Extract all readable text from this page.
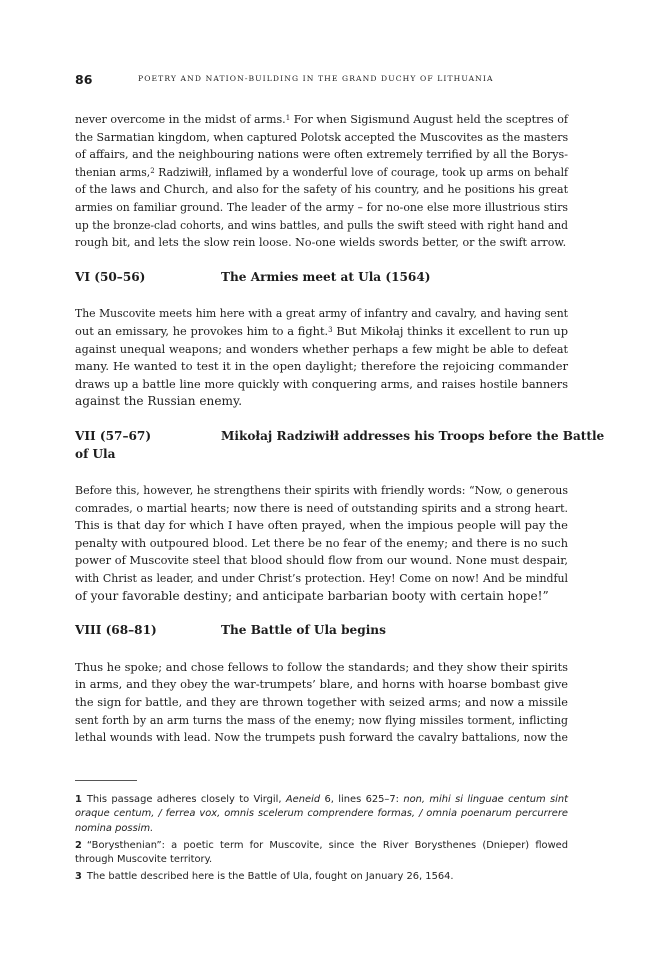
86	POETRY AND NATION-BUILDING IN THE GRAND DUCHY OF LITHUANIA

never overcome in the midst of arms.$^1$ For when Sigismund August held the sceptres of
the Sarmatian kingdom, when captured Polotsk accepted the Muscovites as the masters
of affairs, and the neighbouring nations were often extremely terrified by all the Borys-
thenian arms,$^2$ Radziwiłł, inflamed by a wonderful love of courage, took up arms on behalf
of the laws and Church, and also for the safety of his country, and he positions his great
armies on familiar ground. The leader of the army – for no-one else more illustrious stirs
up the bronze-clad cohorts, and wins battles, and pulls the swift steed with right hand and
rough bit, and lets the slow rein loose. No-one wields swords better, or the swift arrow.

VI (50–56)	The Armies meet at Ula (1564)

The Muscovite meets him here with a great army of infantry and cavalry, and having sent
out an emissary, he provokes him to a fight.$^3$ But Mikołaj thinks it excellent to run up
against unequal weapons; and wonders whether perhaps a few might be able to defeat
many. He wanted to test it in the open daylight; therefore the rejoicing commander
draws up a battle line more quickly with conquering arms, and raises hostile banners
against the Russian enemy.

VII (57–67)	Mikołaj Radziwiłł addresses his Troops before the Battle
of Ula

Before this, however, he strengthens their spirits with friendly words: “Now, o generous
comrades, o martial hearts; now there is need of outstanding spirits and a strong heart.
This is that day for which I have often prayed, when the impious people will pay the
penalty with outpoured blood. Let there be no fear of the enemy; and there is no such
power of Muscovite steel that blood should flow from our wound. None must despair,
with Christ as leader, and under Christ’s protection. Hey! Come on now! And be mindful
of your favorable destiny; and anticipate barbarian booty with certain hope!”

VIII (68–81)	The Battle of Ula begins

Thus he spoke; and chose fellows to follow the standards; and they show their spirits
in arms, and they obey the war-trumpets’ blare, and horns with hoarse bombast give
the sign for battle, and they are thrown together with seized arms; and now a missile
sent forth by an arm turns the mass of the enemy; now flying missiles torment, inflicting
lethal wounds with lead. Now the trumpets push forward the cavalry battalions, now the

1 This passage adheres closely to Virgil, Aeneid 6, lines 625–7: non, mihi si linguae centum sint
oraque centum, / ferrea vox, omnis scelerum comprendere formas, / omnia poenarum percurrere
nomina possim.
2 “Borysthenian”: a poetic term for Muscovite, since the River Borysthenes (Dnieper) flowed
through Muscovite territory.
3 The battle described here is the Battle of Ula, fought on January 26, 1564.
